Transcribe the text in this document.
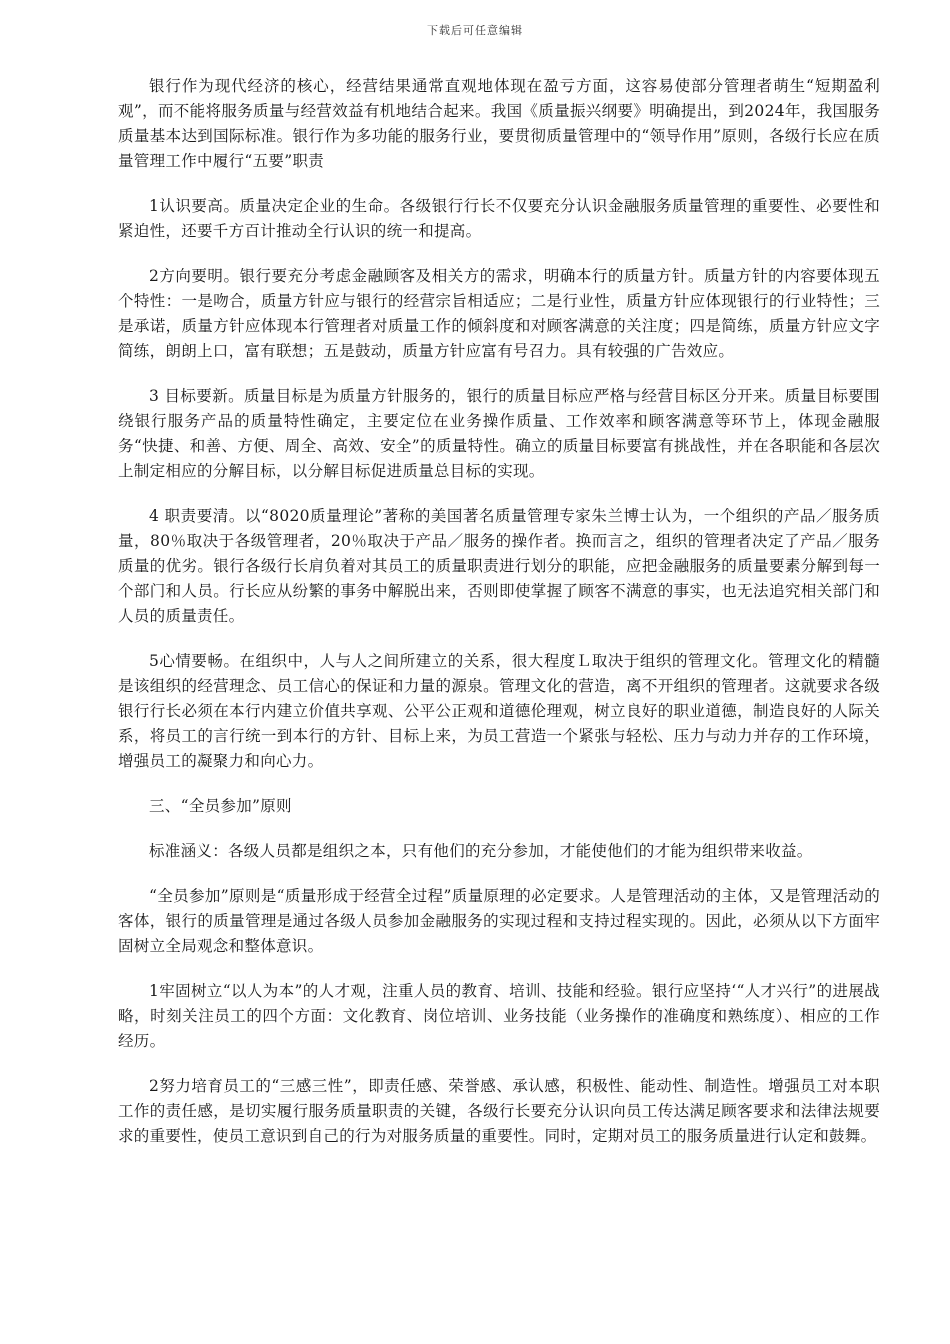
下载后可任意编辑

银行作为现代经济的核心，经营结果通常直观地体现在盈亏方面，这容易使部分管理者萌生“短期盈利观”，而不能将服务质量与经营效益有机地结合起来。我国《质量振兴纲要》明确提出，到2024年，我国服务质量基本达到国际标准。银行作为多功能的服务行业，要贯彻质量管理中的“领导作用”原则，各级行长应在质量管理工作中履行“五要”职责

1认识要高。质量决定企业的生命。各级银行行长不仅要充分认识金融服务质量管理的重要性、必要性和紧迫性，还要千方百计推动全行认识的统一和提高。

2方向要明。银行要充分考虑金融顾客及相关方的需求，明确本行的质量方针。质量方针的内容要体现五个特性：一是吻合，质量方针应与银行的经营宗旨相适应；二是行业性，质量方针应体现银行的行业特性；三是承诺，质量方针应体现本行管理者对质量工作的倾斜度和对顾客满意的关注度；四是简练，质量方针应文字简练，朗朗上口，富有联想；五是鼓动，质量方针应富有号召力。具有较强的广告效应。

3 目标要新。质量目标是为质量方针服务的，银行的质量目标应严格与经营目标区分开来。质量目标要围绕银行服务产品的质量特性确定，主要定位在业务操作质量、工作效率和顾客满意等环节上，体现金融服务“快捷、和善、方便、周全、高效、安全”的质量特性。确立的质量目标要富有挑战性，并在各职能和各层次上制定相应的分解目标，以分解目标促进质量总目标的实现。

4 职责要清。以“8020质量理论”著称的美国著名质量管理专家朱兰博士认为，一个组织的产品／服务质量，80％取决于各级管理者，20％取决于产品／服务的操作者。换而言之，组织的管理者决定了产品／服务质量的优劣。银行各级行长肩负着对其员工的质量职责进行划分的职能，应把金融服务的质量要素分解到每一个部门和人员。行长应从纷繁的事务中解脱出来，否则即使掌握了顾客不满意的事实，也无法追究相关部门和人员的质量责任。

5心情要畅。在组织中，人与人之间所建立的关系，很大程度Ｌ取决于组织的管理文化。管理文化的精髓是该组织的经营理念、员工信心的保证和力量的源泉。管理文化的营造，离不开组织的管理者。这就要求各级银行行长必须在本行内建立价值共享观、公平公正观和道德伦理观，树立良好的职业道德，制造良好的人际关系，将员工的言行统一到本行的方针、目标上来，为员工营造一个紧张与轻松、压力与动力并存的工作环境，增强员工的凝聚力和向心力。

三、“全员参加”原则

标准涵义：各级人员都是组织之本，只有他们的充分参加，才能使他们的才能为组织带来收益。

“全员参加”原则是“质量形成于经营全过程”质量原理的必定要求。人是管理活动的主体，又是管理活动的客体，银行的质量管理是通过各级人员参加金融服务的实现过程和支持过程实现的。因此，必须从以下方面牢固树立全局观念和整体意识。

1牢固树立“以人为本”的人才观，注重人员的教育、培训、技能和经验。银行应坚持‘“人才兴行”的进展战略，时刻关注员工的四个方面：文化教育、岗位培训、业务技能（业务操作的准确度和熟练度）、相应的工作经历。

2努力培育员工的“三感三性”，即责任感、荣誉感、承认感，积极性、能动性、制造性。增强员工对本职工作的责任感，是切实履行服务质量职责的关键，各级行长要充分认识向员工传达满足顾客要求和法律法规要求的重要性，使员工意识到自己的行为对服务质量的重要性。同时，定期对员工的服务质量进行认定和鼓舞。
